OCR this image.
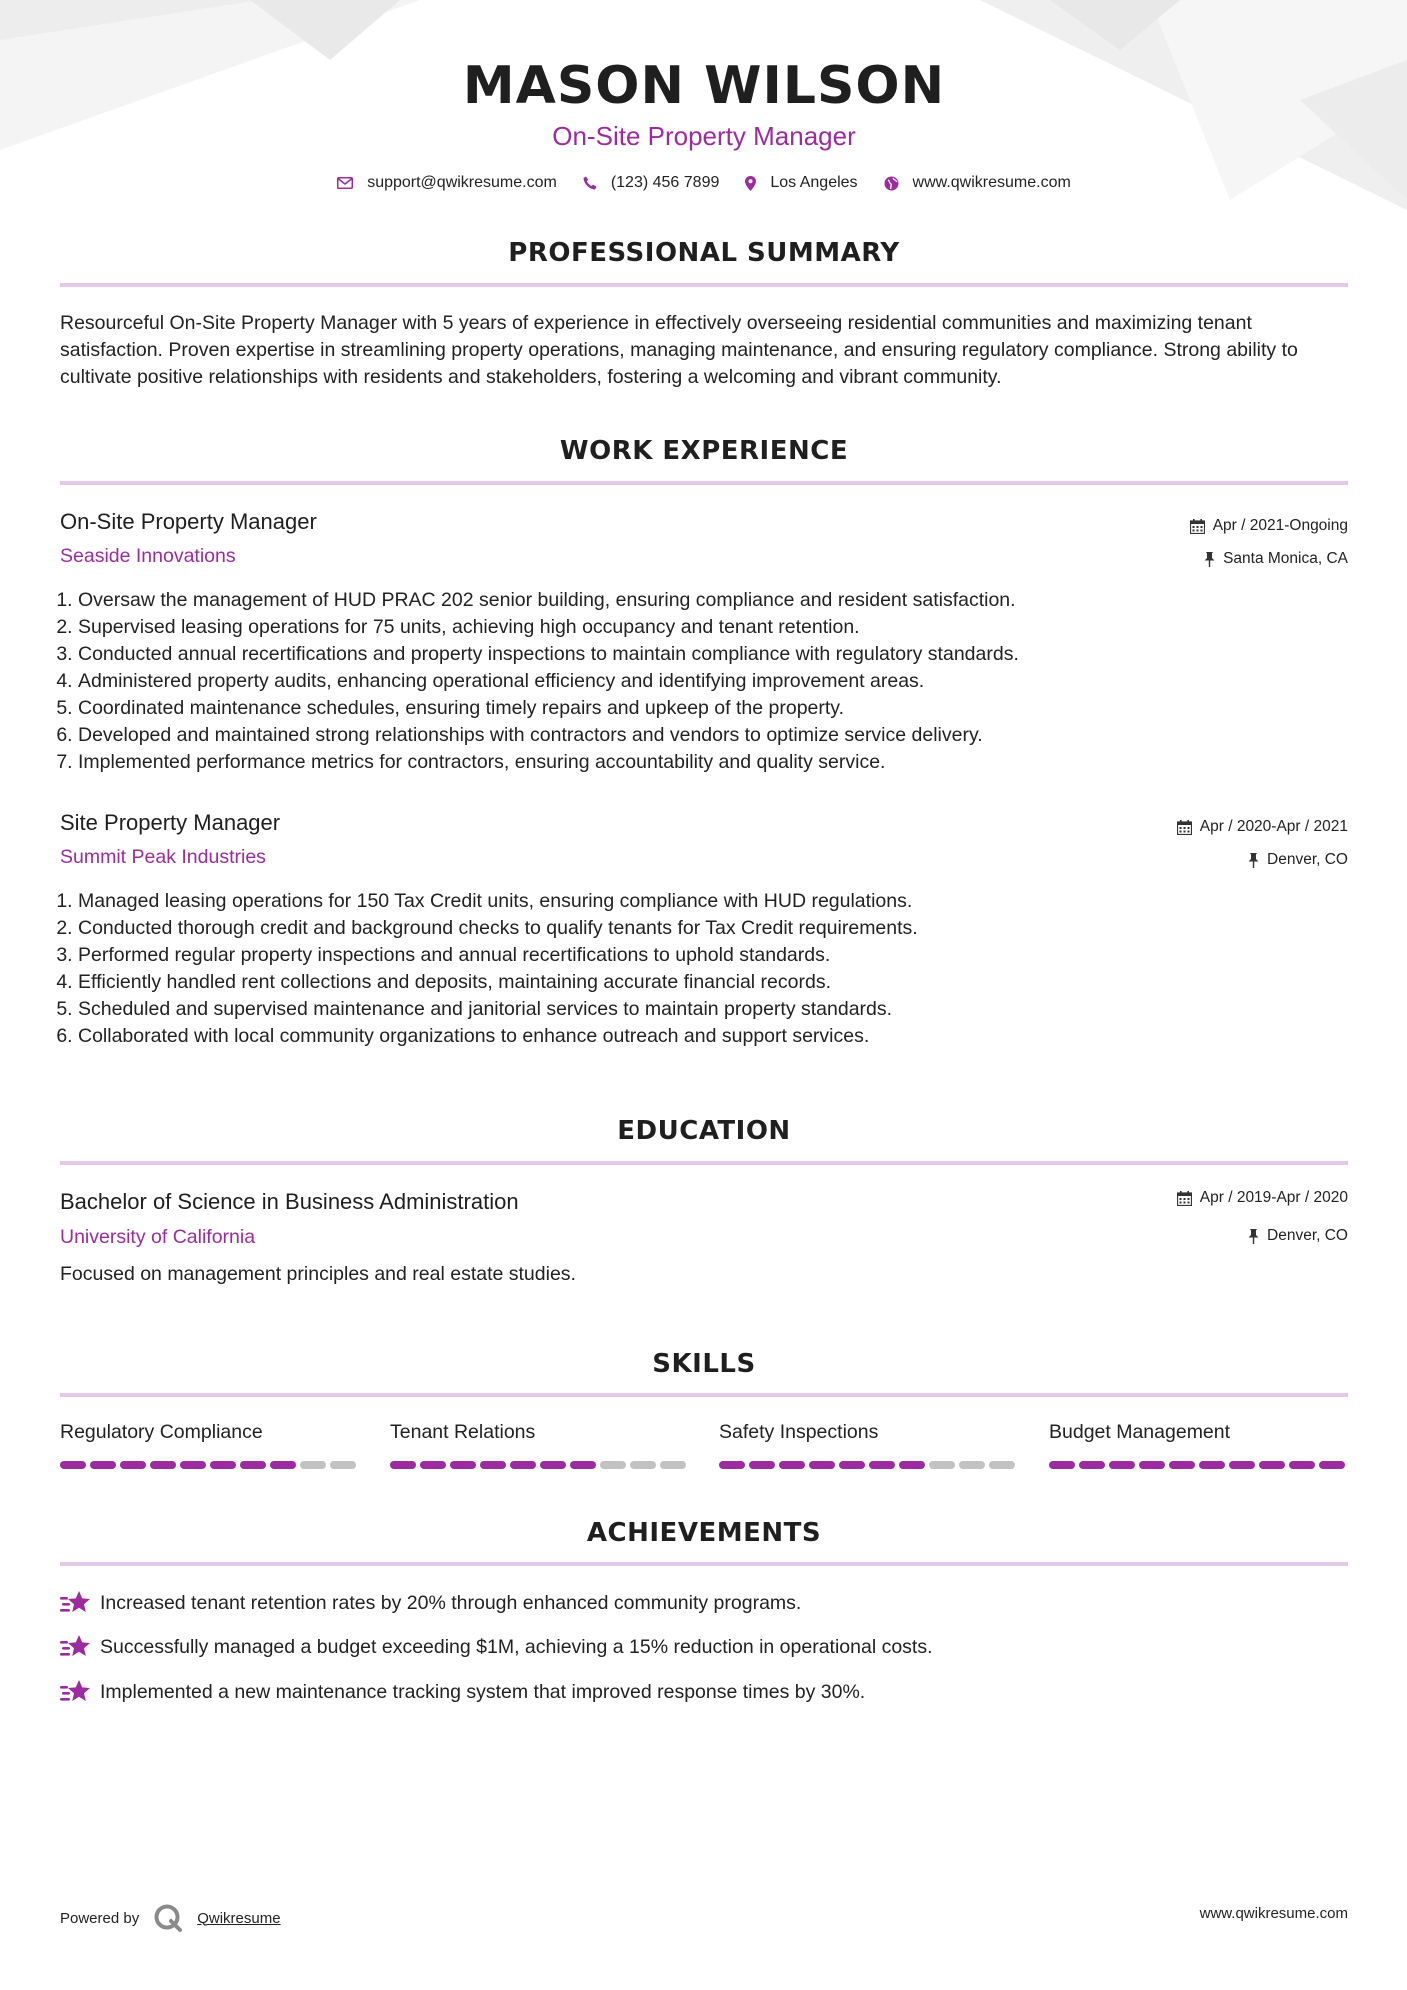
MASON WILSON
On-Site Property Manager
support@qwikresume.com	(123) 456 7899	Los Angeles	www.qwikresume.com
PROFESSIONAL SUMMARY
Resourceful On-Site Property Manager with 5 years of experience in effectively overseeing residential communities and maximizing tenant satisfaction. Proven expertise in streamlining property operations, managing maintenance, and ensuring regulatory compliance. Strong ability to cultivate positive relationships with residents and stakeholders, fostering a welcoming and vibrant community.
WORK EXPERIENCE
On-Site Property Manager
Seaside Innovations
Apr / 2021-Ongoing
Santa Monica, CA
1. Oversaw the management of HUD PRAC 202 senior building, ensuring compliance and resident satisfaction.
2. Supervised leasing operations for 75 units, achieving high occupancy and tenant retention.
3. Conducted annual recertifications and property inspections to maintain compliance with regulatory standards.
4. Administered property audits, enhancing operational efficiency and identifying improvement areas.
5. Coordinated maintenance schedules, ensuring timely repairs and upkeep of the property.
6. Developed and maintained strong relationships with contractors and vendors to optimize service delivery.
7. Implemented performance metrics for contractors, ensuring accountability and quality service.
Site Property Manager
Summit Peak Industries
Apr / 2020-Apr / 2021
Denver, CO
1. Managed leasing operations for 150 Tax Credit units, ensuring compliance with HUD regulations.
2. Conducted thorough credit and background checks to qualify tenants for Tax Credit requirements.
3. Performed regular property inspections and annual recertifications to uphold standards.
4. Efficiently handled rent collections and deposits, maintaining accurate financial records.
5. Scheduled and supervised maintenance and janitorial services to maintain property standards.
6. Collaborated with local community organizations to enhance outreach and support services.
EDUCATION
Bachelor of Science in Business Administration
University of California
Apr / 2019-Apr / 2020
Denver, CO
Focused on management principles and real estate studies.
SKILLS
Regulatory Compliance	Tenant Relations	Safety Inspections	Budget Management
ACHIEVEMENTS
Increased tenant retention rates by 20% through enhanced community programs.
Successfully managed a budget exceeding $1M, achieving a 15% reduction in operational costs.
Implemented a new maintenance tracking system that improved response times by 30%.
Powered by	Qwikresume	www.qwikresume.com
